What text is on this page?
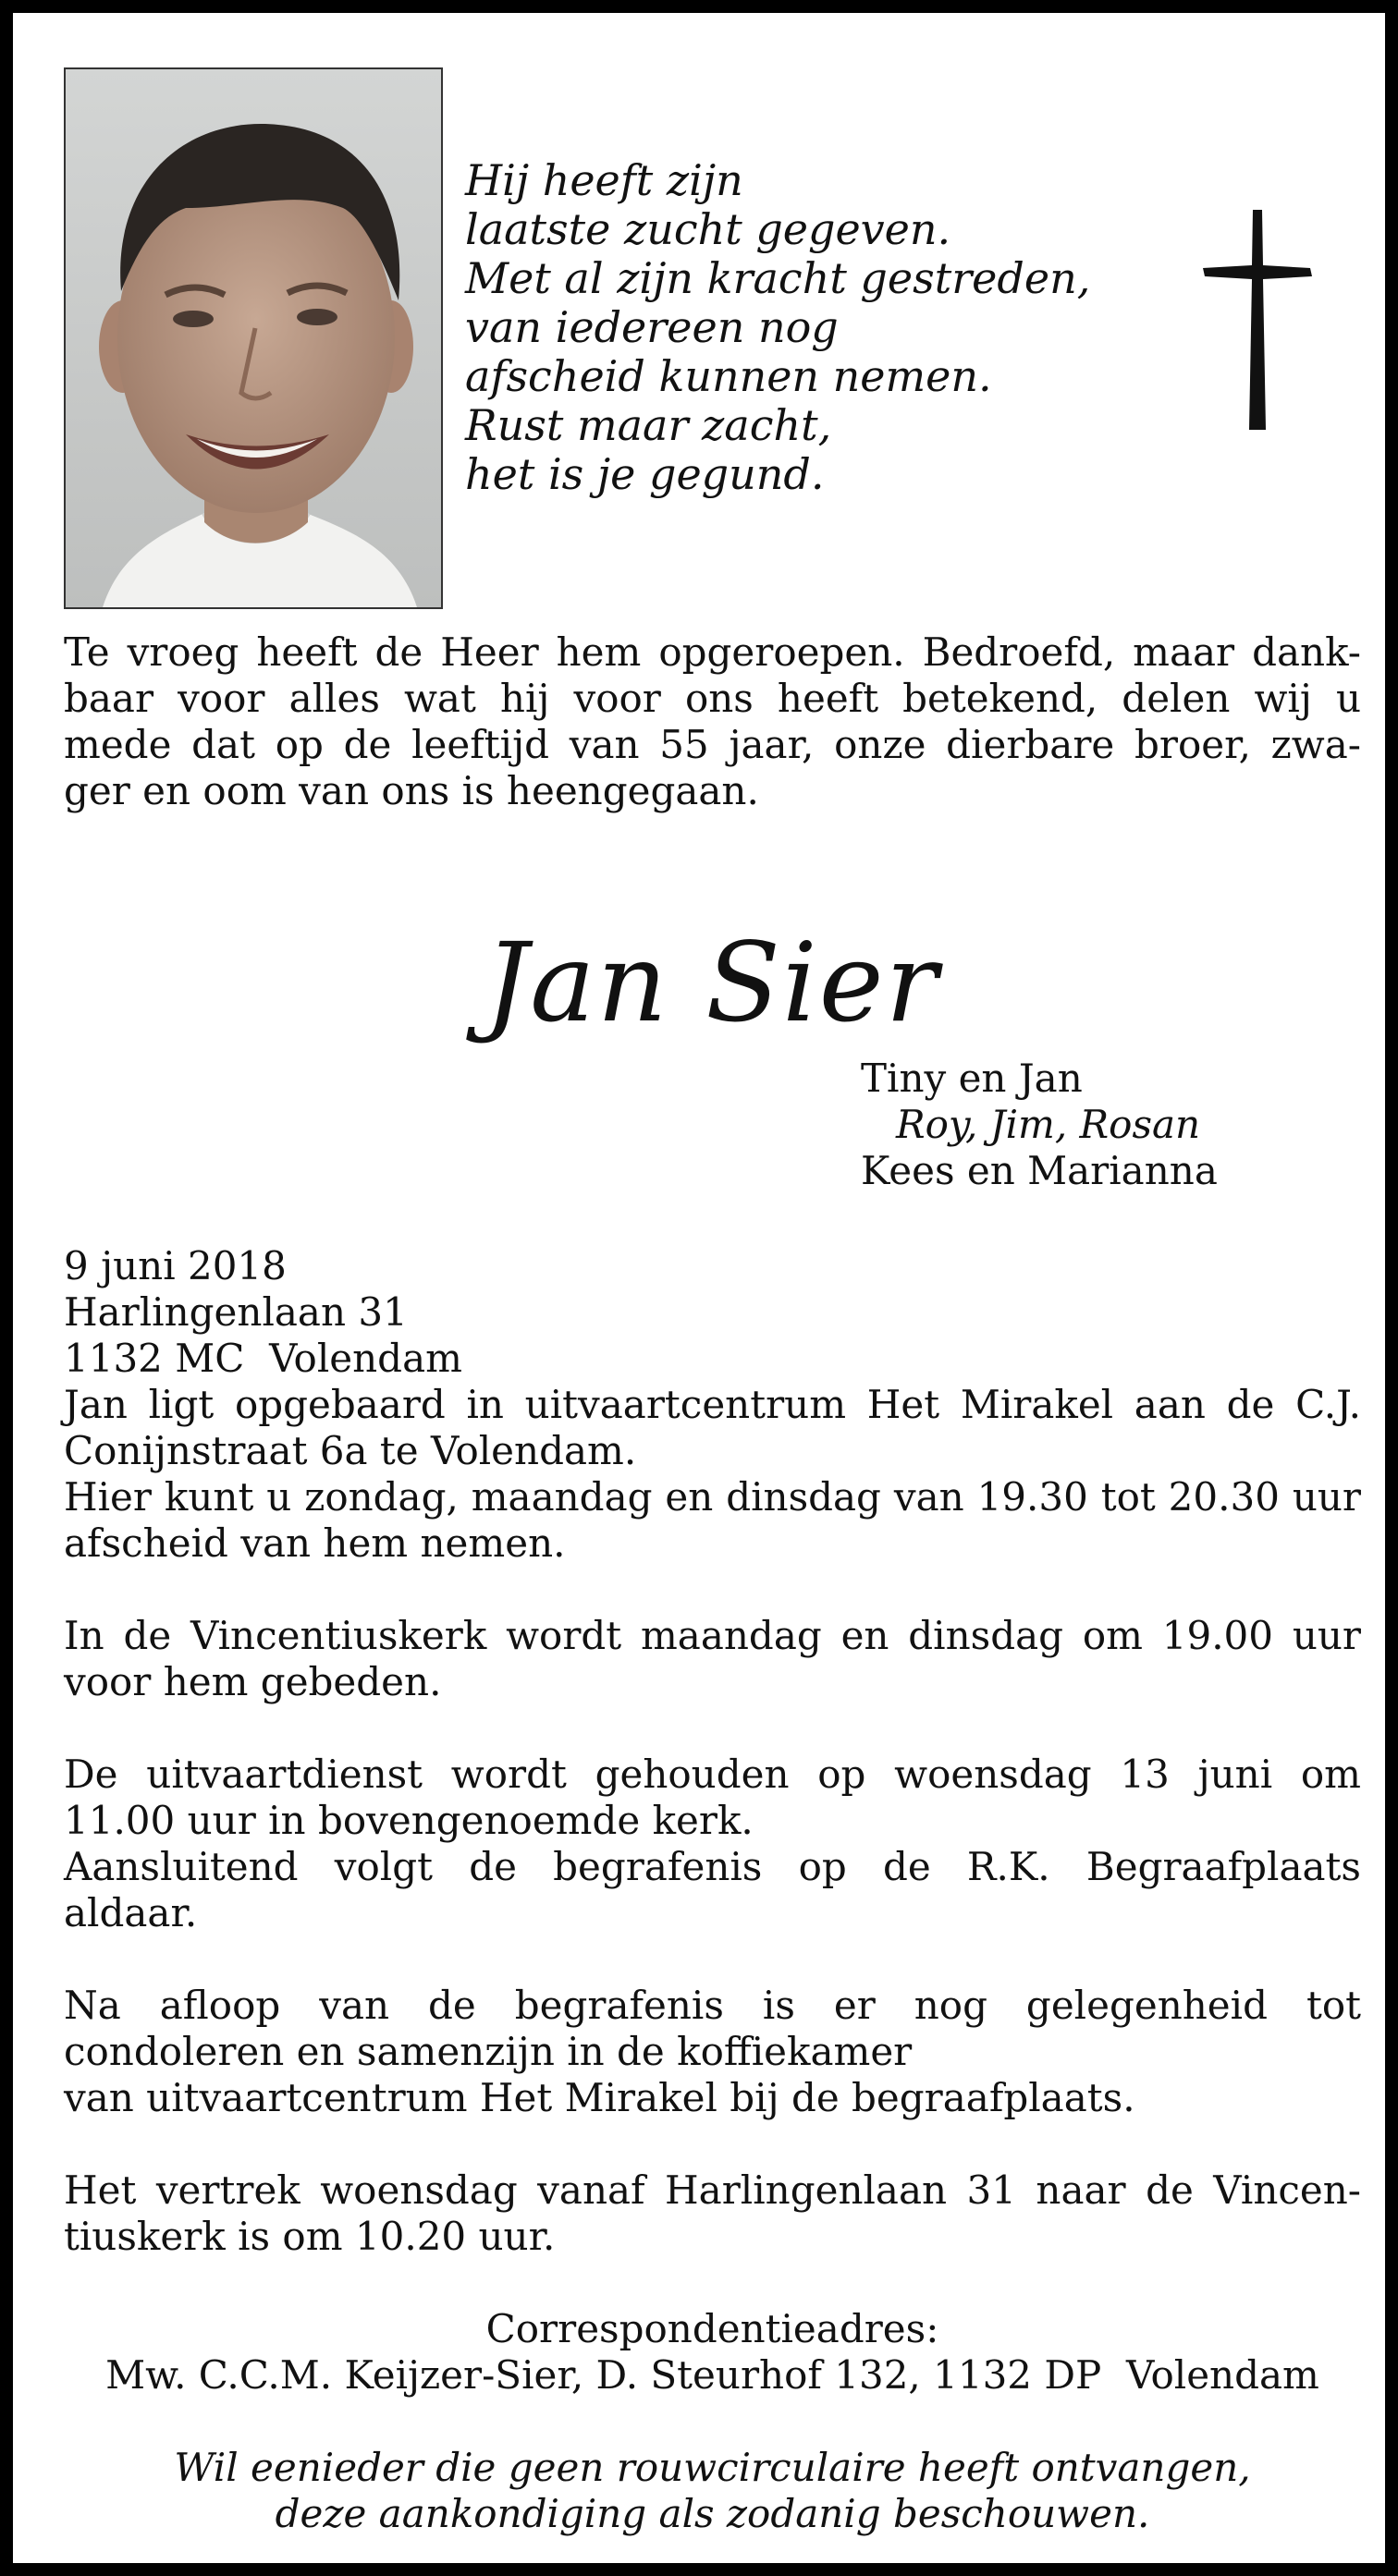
Hij heeft zijn
laatste zucht gegeven.
Met al zijn kracht gestreden,
van iedereen nog
afscheid kunnen nemen.
Rust maar zacht,
het is je gegund.
Te vroeg heeft de Heer hem opgeroepen. Bedroefd, maar dank-
baar voor alles wat hij voor ons heeft betekend, delen wij u
mede dat op de leeftijd van 55 jaar, onze dierbare broer, zwa-
ger en oom van ons is heengegaan.
Jan Sier
Tiny en Jan
Roy, Jim, Rosan
Kees en Marianna
9 juni 2018
Harlingenlaan 31
1132 MC  Volendam
Jan ligt opgebaard in uitvaartcentrum Het Mirakel aan de C.J.
Conijnstraat 6a te Volendam.
Hier kunt u zondag, maandag en dinsdag van 19.30 tot 20.30 uur
afscheid van hem nemen.
In de Vincentiuskerk wordt maandag en dinsdag om 19.00 uur
voor hem gebeden.
De uitvaartdienst wordt gehouden op woensdag 13 juni om
11.00 uur in bovengenoemde kerk.
Aansluitend volgt de begrafenis op de R.K. Begraafplaats
aldaar.
Na afloop van de begrafenis is er nog gelegenheid tot
condoleren en samenzijn in de koffiekamer
van uitvaartcentrum Het Mirakel bij de begraafplaats.
Het vertrek woensdag vanaf Harlingenlaan 31 naar de Vincen-
tiuskerk is om 10.20 uur.
Correspondentieadres:
Mw. C.C.M. Keijzer-Sier, D. Steurhof 132, 1132 DP  Volendam
Wil eenieder die geen rouwcirculaire heeft ontvangen,
deze aankondiging als zodanig beschouwen.
